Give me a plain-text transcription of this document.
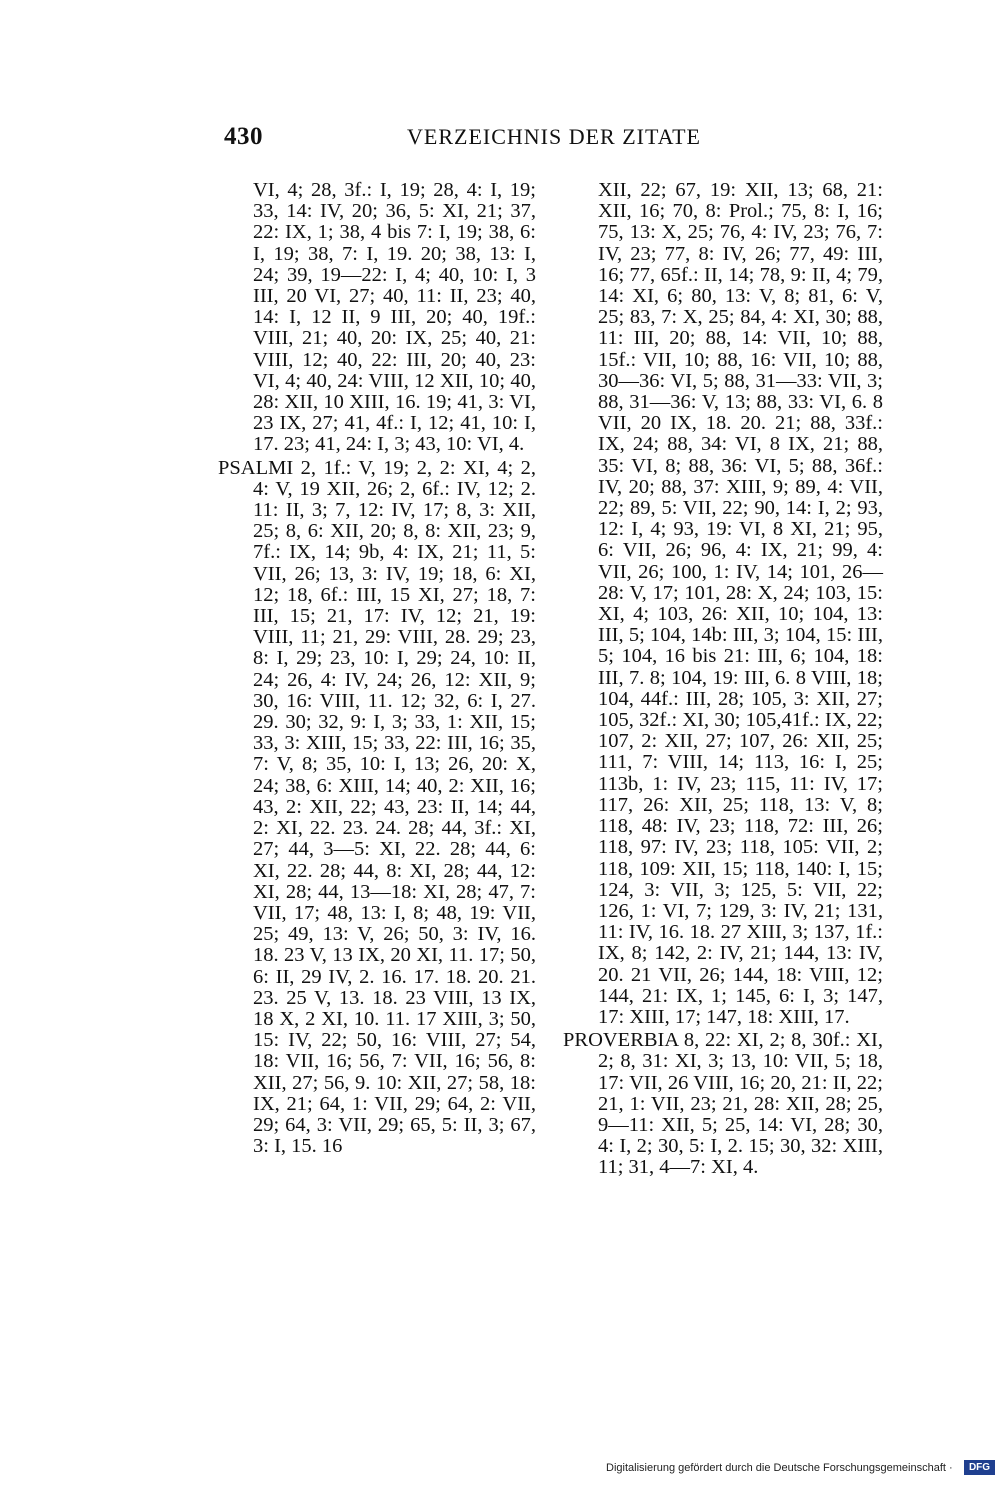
430	VERZEICHNIS DER ZITATE

VI, 4; 28, 3f.: I, 19; 28, 4: I, 19; 33, 14: IV, 20; 36, 5: XI, 21; 37, 22: IX, 1; 38, 4 bis 7: I, 19; 38, 6: I, 19; 38, 7: I, 19. 20; 38, 13: I, 24; 39, 19—22: I, 4; 40, 10: I, 3 III, 20 VI, 27; 40, 11: II, 23; 40, 14: I, 12 II, 9 III, 20; 40, 19f.: VIII, 21; 40, 20: IX, 25; 40, 21: VIII, 12; 40, 22: III, 20; 40, 23: VI, 4; 40, 24: VIII, 12 XII, 10; 40, 28: XII, 10 XIII, 16. 19; 41, 3: VI, 23 IX, 27; 41, 4f.: I, 12; 41, 10: I, 17. 23; 41, 24: I, 3; 43, 10: VI, 4.

PSALMI 2, 1f.: V, 19; 2, 2: XI, 4; 2, 4: V, 19 XII, 26; 2, 6f.: IV, 12; 2. 11: II, 3; 7, 12: IV, 17; 8, 3: XII, 25; 8, 6: XII, 20; 8, 8: XII, 23; 9, 7f.: IX, 14; 9b, 4: IX, 21; 11, 5: VII, 26; 13, 3: IV, 19; 18, 6: XI, 12; 18, 6f.: III, 15 XI, 27; 18, 7: III, 15; 21, 17: IV, 12; 21, 19: VIII, 11; 21, 29: VIII, 28. 29; 23, 8: I, 29; 23, 10: I, 29; 24, 10: II, 24; 26, 4: IV, 24; 26, 12: XII, 9; 30, 16: VIII, 11. 12; 32, 6: I, 27. 29. 30; 32, 9: I, 3; 33, 1: XII, 15; 33, 3: XIII, 15; 33, 22: III, 16; 35, 7: V, 8; 35, 10: I, 13; 26, 20: X, 24; 38, 6: XIII, 14; 40, 2: XII, 16; 43, 2: XII, 22; 43, 23: II, 14; 44, 2: XI, 22. 23. 24. 28; 44, 3f.: XI, 27; 44, 3—5: XI, 22. 28; 44, 6: XI, 22. 28; 44, 8: XI, 28; 44, 12: XI, 28; 44, 13—18: XI, 28; 47, 7: VII, 17; 48, 13: I, 8; 48, 19: VII, 25; 49, 13: V, 26; 50, 3: IV, 16. 18. 23 V, 13 IX, 20 XI, 11. 17; 50, 6: II, 29 IV, 2. 16. 17. 18. 20. 21. 23. 25 V, 13. 18. 23 VIII, 13 IX, 18 X, 2 XI, 10. 11. 17 XIII, 3; 50, 15: IV, 22; 50, 16: VIII, 27; 54, 18: VII, 16; 56, 7: VII, 16; 56, 8: XII, 27; 56, 9. 10: XII, 27; 58, 18: IX, 21; 64, 1: VII, 29; 64, 2: VII, 29; 64, 3: VII, 29; 65, 5: II, 3; 67, 3: I, 15. 16

XII, 22; 67, 19: XII, 13; 68, 21: XII, 16; 70, 8: Prol.; 75, 8: I, 16; 75, 13: X, 25; 76, 4: IV, 23; 76, 7: IV, 23; 77, 8: IV, 26; 77, 49: III, 16; 77, 65f.: II, 14; 78, 9: II, 4; 79, 14: XI, 6; 80, 13: V, 8; 81, 6: V, 25; 83, 7: X, 25; 84, 4: XI, 30; 88, 11: III, 20; 88, 14: VII, 10; 88, 15f.: VII, 10; 88, 16: VII, 10; 88, 30—36: VI, 5; 88, 31—33: VII, 3; 88, 31—36: V, 13; 88, 33: VI, 6. 8 VII, 20 IX, 18. 20. 21; 88, 33f.: IX, 24; 88, 34: VI, 8 IX, 21; 88, 35: VI, 8; 88, 36: VI, 5; 88, 36f.: IV, 20; 88, 37: XIII, 9; 89, 4: VII, 22; 89, 5: VII, 22; 90, 14: I, 2; 93, 12: I, 4; 93, 19: VI, 8 XI, 21; 95, 6: VII, 26; 96, 4: IX, 21; 99, 4: VII, 26; 100, 1: IV, 14; 101, 26—28: V, 17; 101, 28: X, 24; 103, 15: XI, 4; 103, 26: XII, 10; 104, 13: III, 5; 104, 14b: III, 3; 104, 15: III, 5; 104, 16 bis 21: III, 6; 104, 18: III, 7. 8; 104, 19: III, 6. 8 VIII, 18; 104, 44f.: III, 28; 105, 3: XII, 27; 105, 32f.: XI, 30; 105,41f.: IX, 22; 107, 2: XII, 27; 107, 26: XII, 25; 111, 7: VIII, 14; 113, 16: I, 25; 113b, 1: IV, 23; 115, 11: IV, 17; 117, 26: XII, 25; 118, 13: V, 8; 118, 48: IV, 23; 118, 72: III, 26; 118, 97: IV, 23; 118, 105: VII, 2; 118, 109: XII, 15; 118, 140: I, 15; 124, 3: VII, 3; 125, 5: VII, 22; 126, 1: VI, 7; 129, 3: IV, 21; 131, 11: IV, 16. 18. 27 XIII, 3; 137, 1f.: IX, 8; 142, 2: IV, 21; 144, 13: IV, 20. 21 VII, 26; 144, 18: VIII, 12; 144, 21: IX, 1; 145, 6: I, 3; 147, 17: XIII, 17; 147, 18: XIII, 17.

PROVERBIA 8, 22: XI, 2; 8, 30f.: XI, 2; 8, 31: XI, 3; 13, 10: VII, 5; 18, 17: VII, 26 VIII, 16; 20, 21: II, 22; 21, 1: VII, 23; 21, 28: XII, 28; 25, 9—11: XII, 5; 25, 14: VI, 28; 30, 4: I, 2; 30, 5: I, 2. 15; 30, 32: XIII, 11; 31, 4—7: XI, 4.

Digitalisierung gefördert durch die Deutsche Forschungsgemeinschaft ·	DFG
